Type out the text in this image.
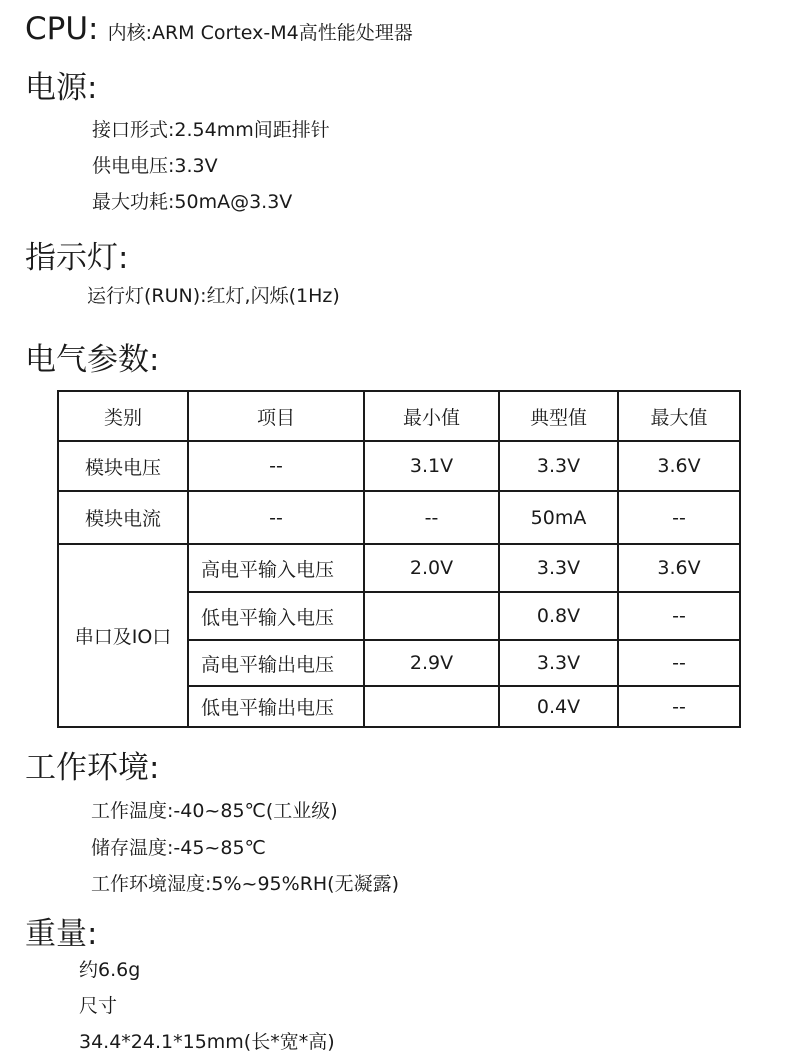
CPU: 内核:ARM Cortex-M4高性能处理器
电源:
接口形式:2.54mm间距排针
供电电压:3.3V
最大功耗:50mA@3.3V
指示灯:
运行灯(RUN):红灯,闪烁(1Hz)
电气参数:
类别	项目	最小值	典型值	最大值
模块电压	--	3.1V	3.3V	3.6V
模块电流	--	--	50mA	--
串口及IO口	高电平输入电压	2.0V	3.3V	3.6V
	低电平输入电压		0.8V	--
	高电平输出电压	2.9V	3.3V	--
	低电平输出电压		0.4V	--
工作环境:
工作温度:-40~85℃(工业级)
储存温度:-45~85℃
工作环境湿度:5%~95%RH(无凝露)
重量:
约6.6g
尺寸
34.4*24.1*15mm(长*宽*高)
